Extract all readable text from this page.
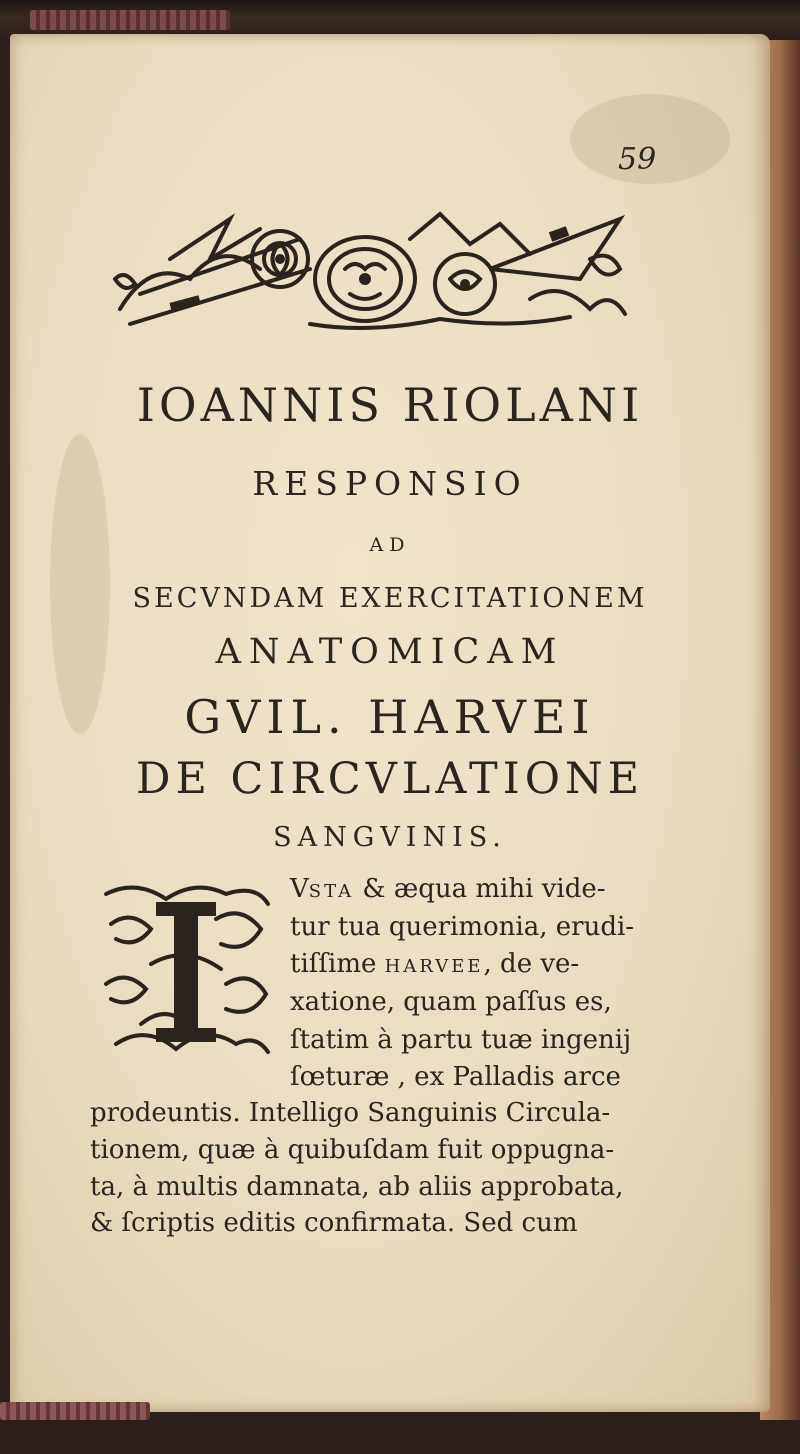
59
IOANNIS RIOLANI
RESPONSIO
AD
SECVNDAM EXERCITATIONEM
ANATOMICAM
GVIL. HARVEI
DE CIRCVLATIONE
SANGVINIS.
I
VSTA & æqua mihi vide-
tur tua querimonia, erudi-
tiſſime HARVEE, de ve-
xatione, quam paſſus es,
ſtatim à partu tuæ ingenij
ſœturæ , ex Palladis arce
prodeuntis. Intelligo Sanguinis Circula-
tionem, quæ à quibuſdam fuit oppugna-
ta, à multis damnata, ab aliis approbata,
& ſcriptis editis confirmata. Sed cum
